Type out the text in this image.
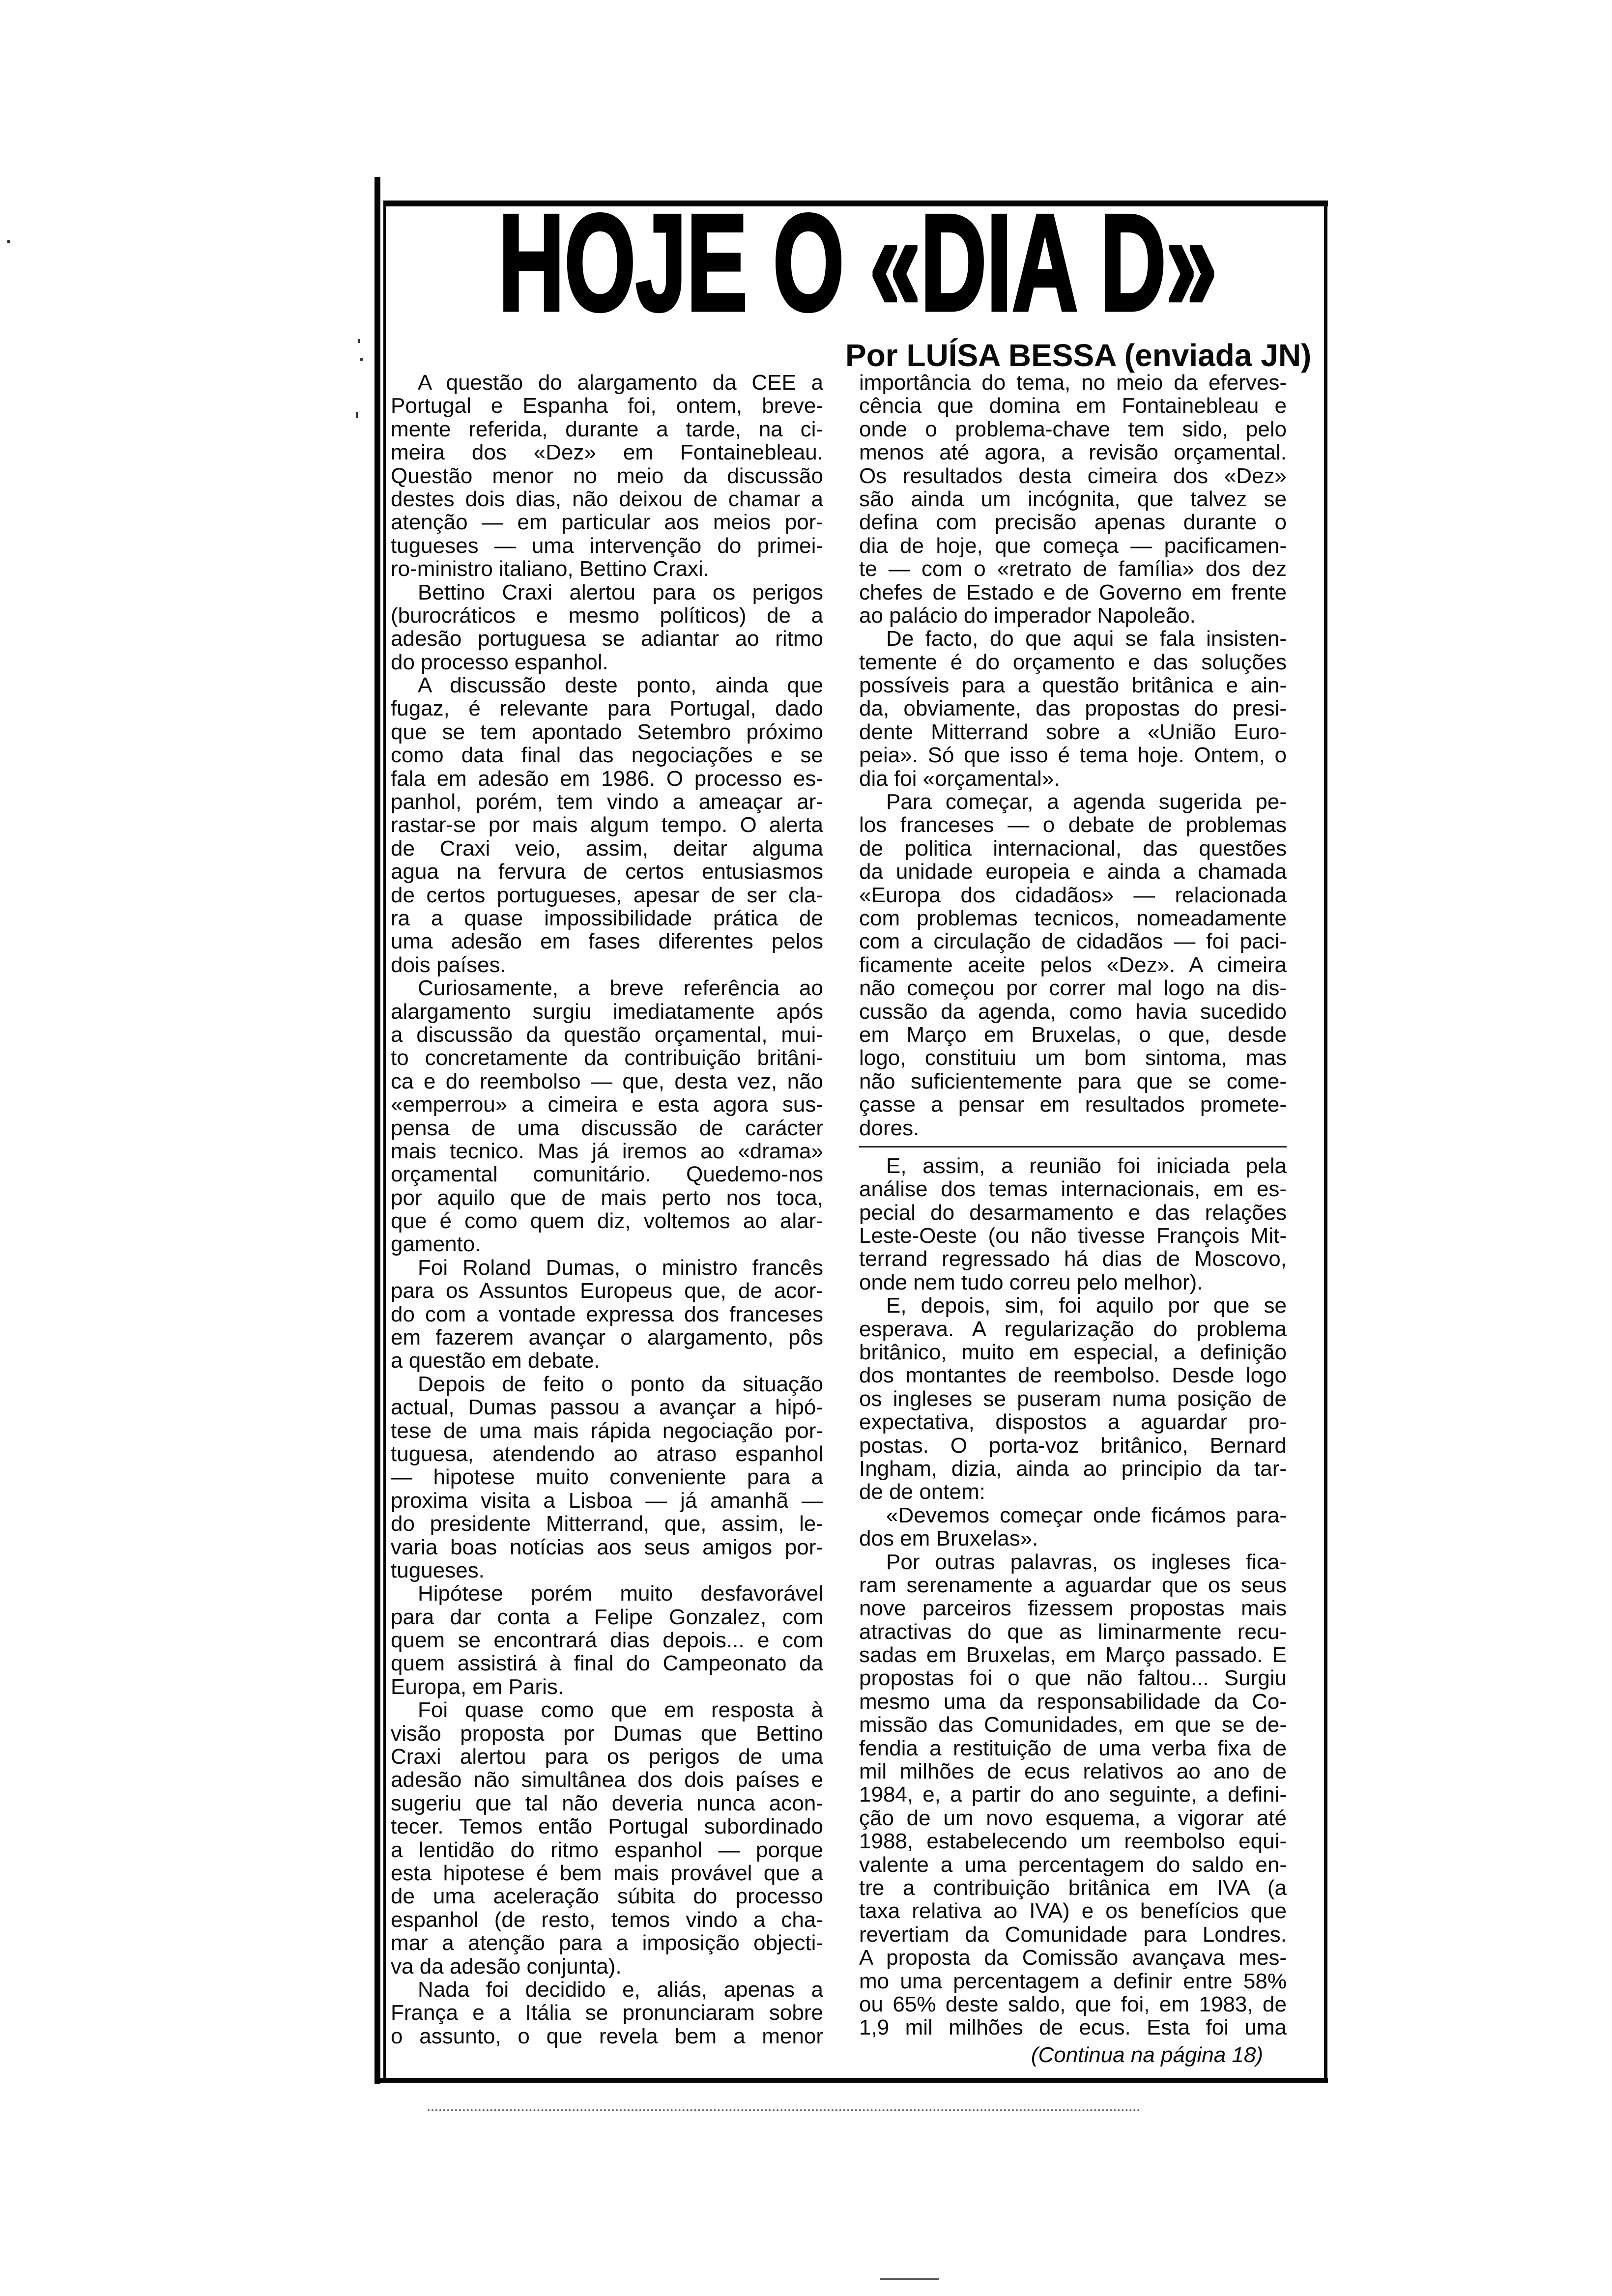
HOJE O «DIA D»
Por LUÍSA BESSA (enviada JN)
A questão do alargamento da CEE a
Portugal e Espanha foi, ontem, breve-
mente referida, durante a tarde, na ci-
meira dos «Dez» em Fontainebleau.
Questão menor no meio da discussão
destes dois dias, não deixou de chamar a
atenção — em particular aos meios por-
tugueses — uma intervenção do primei-
ro-ministro italiano, Bettino Craxi.
Bettino Craxi alertou para os perigos
(burocráticos e mesmo políticos) de a
adesão portuguesa se adiantar ao ritmo
do processo espanhol.
A discussão deste ponto, ainda que
fugaz, é relevante para Portugal, dado
que se tem apontado Setembro próximo
como data final das negociações e se
fala em adesão em 1986. O processo es-
panhol, porém, tem vindo a ameaçar ar-
rastar-se por mais algum tempo. O alerta
de Craxi veio, assim, deitar alguma
agua na fervura de certos entusiasmos
de certos portugueses, apesar de ser cla-
ra a quase impossibilidade prática de
uma adesão em fases diferentes pelos
dois países.
Curiosamente, a breve referência ao
alargamento surgiu imediatamente após
a discussão da questão orçamental, mui-
to concretamente da contribuição britâni-
ca e do reembolso — que, desta vez, não
«emperrou» a cimeira e esta agora sus-
pensa de uma discussão de carácter
mais tecnico. Mas já iremos ao «drama»
orçamental comunitário. Quedemo-nos
por aquilo que de mais perto nos toca,
que é como quem diz, voltemos ao alar-
gamento.
Foi Roland Dumas, o ministro francês
para os Assuntos Europeus que, de acor-
do com a vontade expressa dos franceses
em fazerem avançar o alargamento, pôs
a questão em debate.
Depois de feito o ponto da situação
actual, Dumas passou a avançar a hipó-
tese de uma mais rápida negociação por-
tuguesa, atendendo ao atraso espanhol
— hipotese muito conveniente para a
proxima visita a Lisboa — já amanhã —
do presidente Mitterrand, que, assim, le-
varia boas notícias aos seus amigos por-
tugueses.
Hipótese porém muito desfavorável
para dar conta a Felipe Gonzalez, com
quem se encontrará dias depois... e com
quem assistirá à final do Campeonato da
Europa, em Paris.
Foi quase como que em resposta à
visão proposta por Dumas que Bettino
Craxi alertou para os perigos de uma
adesão não simultânea dos dois países e
sugeriu que tal não deveria nunca acon-
tecer. Temos então Portugal subordinado
a lentidão do ritmo espanhol — porque
esta hipotese é bem mais provável que a
de uma aceleração súbita do processo
espanhol (de resto, temos vindo a cha-
mar a atenção para a imposição objecti-
va da adesão conjunta).
Nada foi decidido e, aliás, apenas a
França e a Itália se pronunciaram sobre
o assunto, o que revela bem a menor
importância do tema, no meio da eferves-
cência que domina em Fontainebleau e
onde o problema-chave tem sido, pelo
menos até agora, a revisão orçamental.
Os resultados desta cimeira dos «Dez»
são ainda um incógnita, que talvez se
defina com precisão apenas durante o
dia de hoje, que começa — pacificamen-
te — com o «retrato de família» dos dez
chefes de Estado e de Governo em frente
ao palácio do imperador Napoleão.
De facto, do que aqui se fala insisten-
temente é do orçamento e das soluções
possíveis para a questão britânica e ain-
da, obviamente, das propostas do presi-
dente Mitterrand sobre a «União Euro-
peia». Só que isso é tema hoje. Ontem, o
dia foi «orçamental».
Para começar, a agenda sugerida pe-
los franceses — o debate de problemas
de politica internacional, das questões
da unidade europeia e ainda a chamada
«Europa dos cidadãos» — relacionada
com problemas tecnicos, nomeadamente
com a circulação de cidadãos — foi paci-
ficamente aceite pelos «Dez». A cimeira
não começou por correr mal logo na dis-
cussão da agenda, como havia sucedido
em Março em Bruxelas, o que, desde
logo, constituiu um bom sintoma, mas
não suficientemente para que se come-
çasse a pensar em resultados promete-
dores.
E, assim, a reunião foi iniciada pela
análise dos temas internacionais, em es-
pecial do desarmamento e das relações
Leste-Oeste (ou não tivesse François Mit-
terrand regressado há dias de Moscovo,
onde nem tudo correu pelo melhor).
E, depois, sim, foi aquilo por que se
esperava. A regularização do problema
britânico, muito em especial, a definição
dos montantes de reembolso. Desde logo
os ingleses se puseram numa posição de
expectativa, dispostos a aguardar pro-
postas. O porta-voz britânico, Bernard
Ingham, dizia, ainda ao principio da tar-
de de ontem:
«Devemos começar onde ficámos para-
dos em Bruxelas».
Por outras palavras, os ingleses fica-
ram serenamente a aguardar que os seus
nove parceiros fizessem propostas mais
atractivas do que as liminarmente recu-
sadas em Bruxelas, em Março passado. E
propostas foi o que não faltou... Surgiu
mesmo uma da responsabilidade da Co-
missão das Comunidades, em que se de-
fendia a restituição de uma verba fixa de
mil milhões de ecus relativos ao ano de
1984, e, a partir do ano seguinte, a defini-
ção de um novo esquema, a vigorar até
1988, estabelecendo um reembolso equi-
valente a uma percentagem do saldo en-
tre a contribuição britânica em IVA (a
taxa relativa ao IVA) e os benefícios que
revertiam da Comunidade para Londres.
A proposta da Comissão avançava mes-
mo uma percentagem a definir entre 58%
ou 65% deste saldo, que foi, em 1983, de
1,9 mil milhões de ecus. Esta foi uma
(Continua na página 18)
